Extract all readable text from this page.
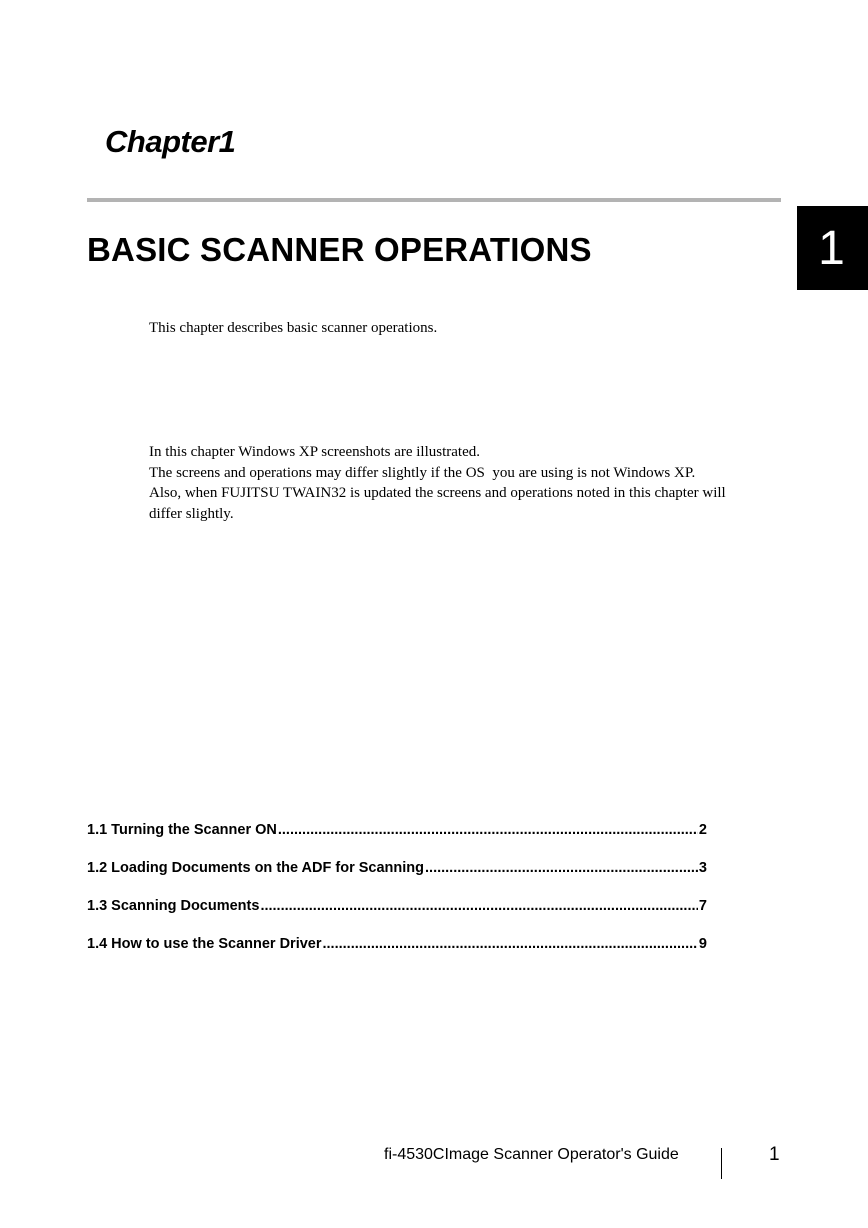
Chapter1
BASIC SCANNER OPERATIONS	1
This chapter describes basic scanner operations.
In this chapter Windows XP screenshots are illustrated.
The screens and operations may differ slightly if the OS  you are using is not Windows XP.
Also, when FUJITSU TWAIN32 is updated the screens and operations noted in this chapter will
differ slightly.
1.1 Turning the Scanner ON .....	2
1.2 Loading Documents on the ADF for Scanning .....	3
1.3 Scanning Documents .....	7
1.4 How to use the Scanner Driver .....	9
fi-4530CImage Scanner Operator's Guide	1
